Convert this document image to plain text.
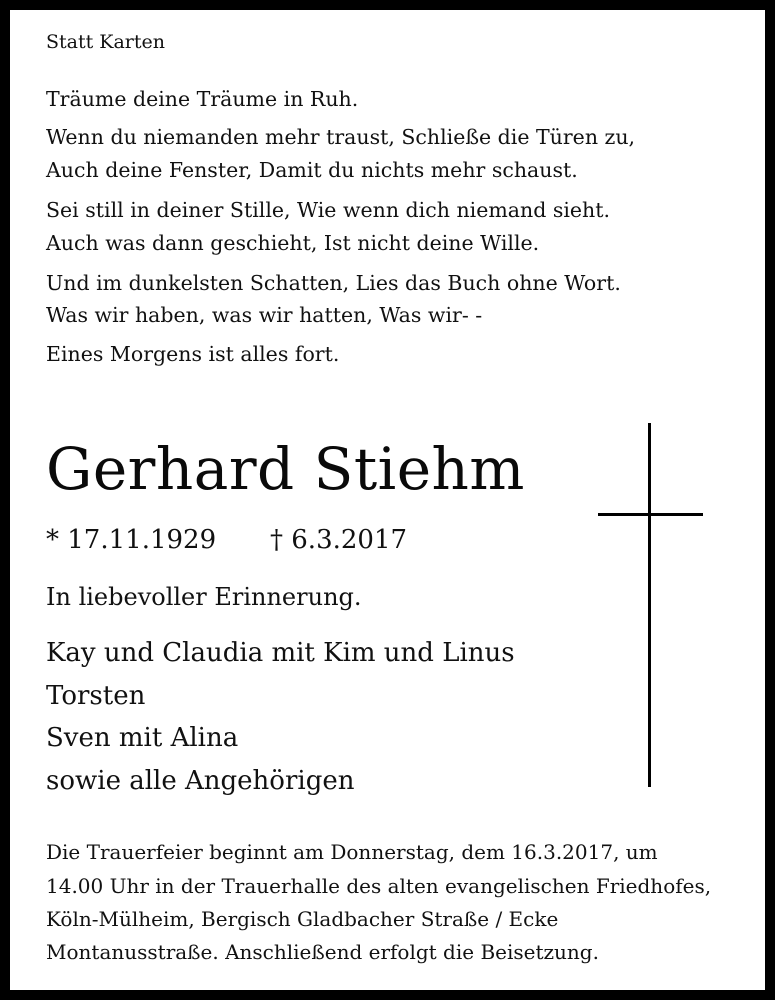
Statt Karten
Träume deine Träume in Ruh.
Wenn du niemanden mehr traust, Schließe die Türen zu,
Auch deine Fenster, Damit du nichts mehr schaust.
Sei still in deiner Stille, Wie wenn dich niemand sieht.
Auch was dann geschieht, Ist nicht deine Wille.
Und im dunkelsten Schatten, Lies das Buch ohne Wort.
Was wir haben, was wir hatten, Was wir- -
Eines Morgens ist alles fort.
Gerhard Stiehm
* 17.11.1929 † 6.3.2017
In liebevoller Erinnerung.
Kay und Claudia mit Kim und Linus
Torsten
Sven mit Alina
sowie alle Angehörigen
Die Trauerfeier beginnt am Donnerstag, dem 16.3.2017, um
14.00 Uhr in der Trauerhalle des alten evangelischen Friedhofes,
Köln-Mülheim, Bergisch Gladbacher Straße / Ecke
Montanusstraße. Anschließend erfolgt die Beisetzung.
